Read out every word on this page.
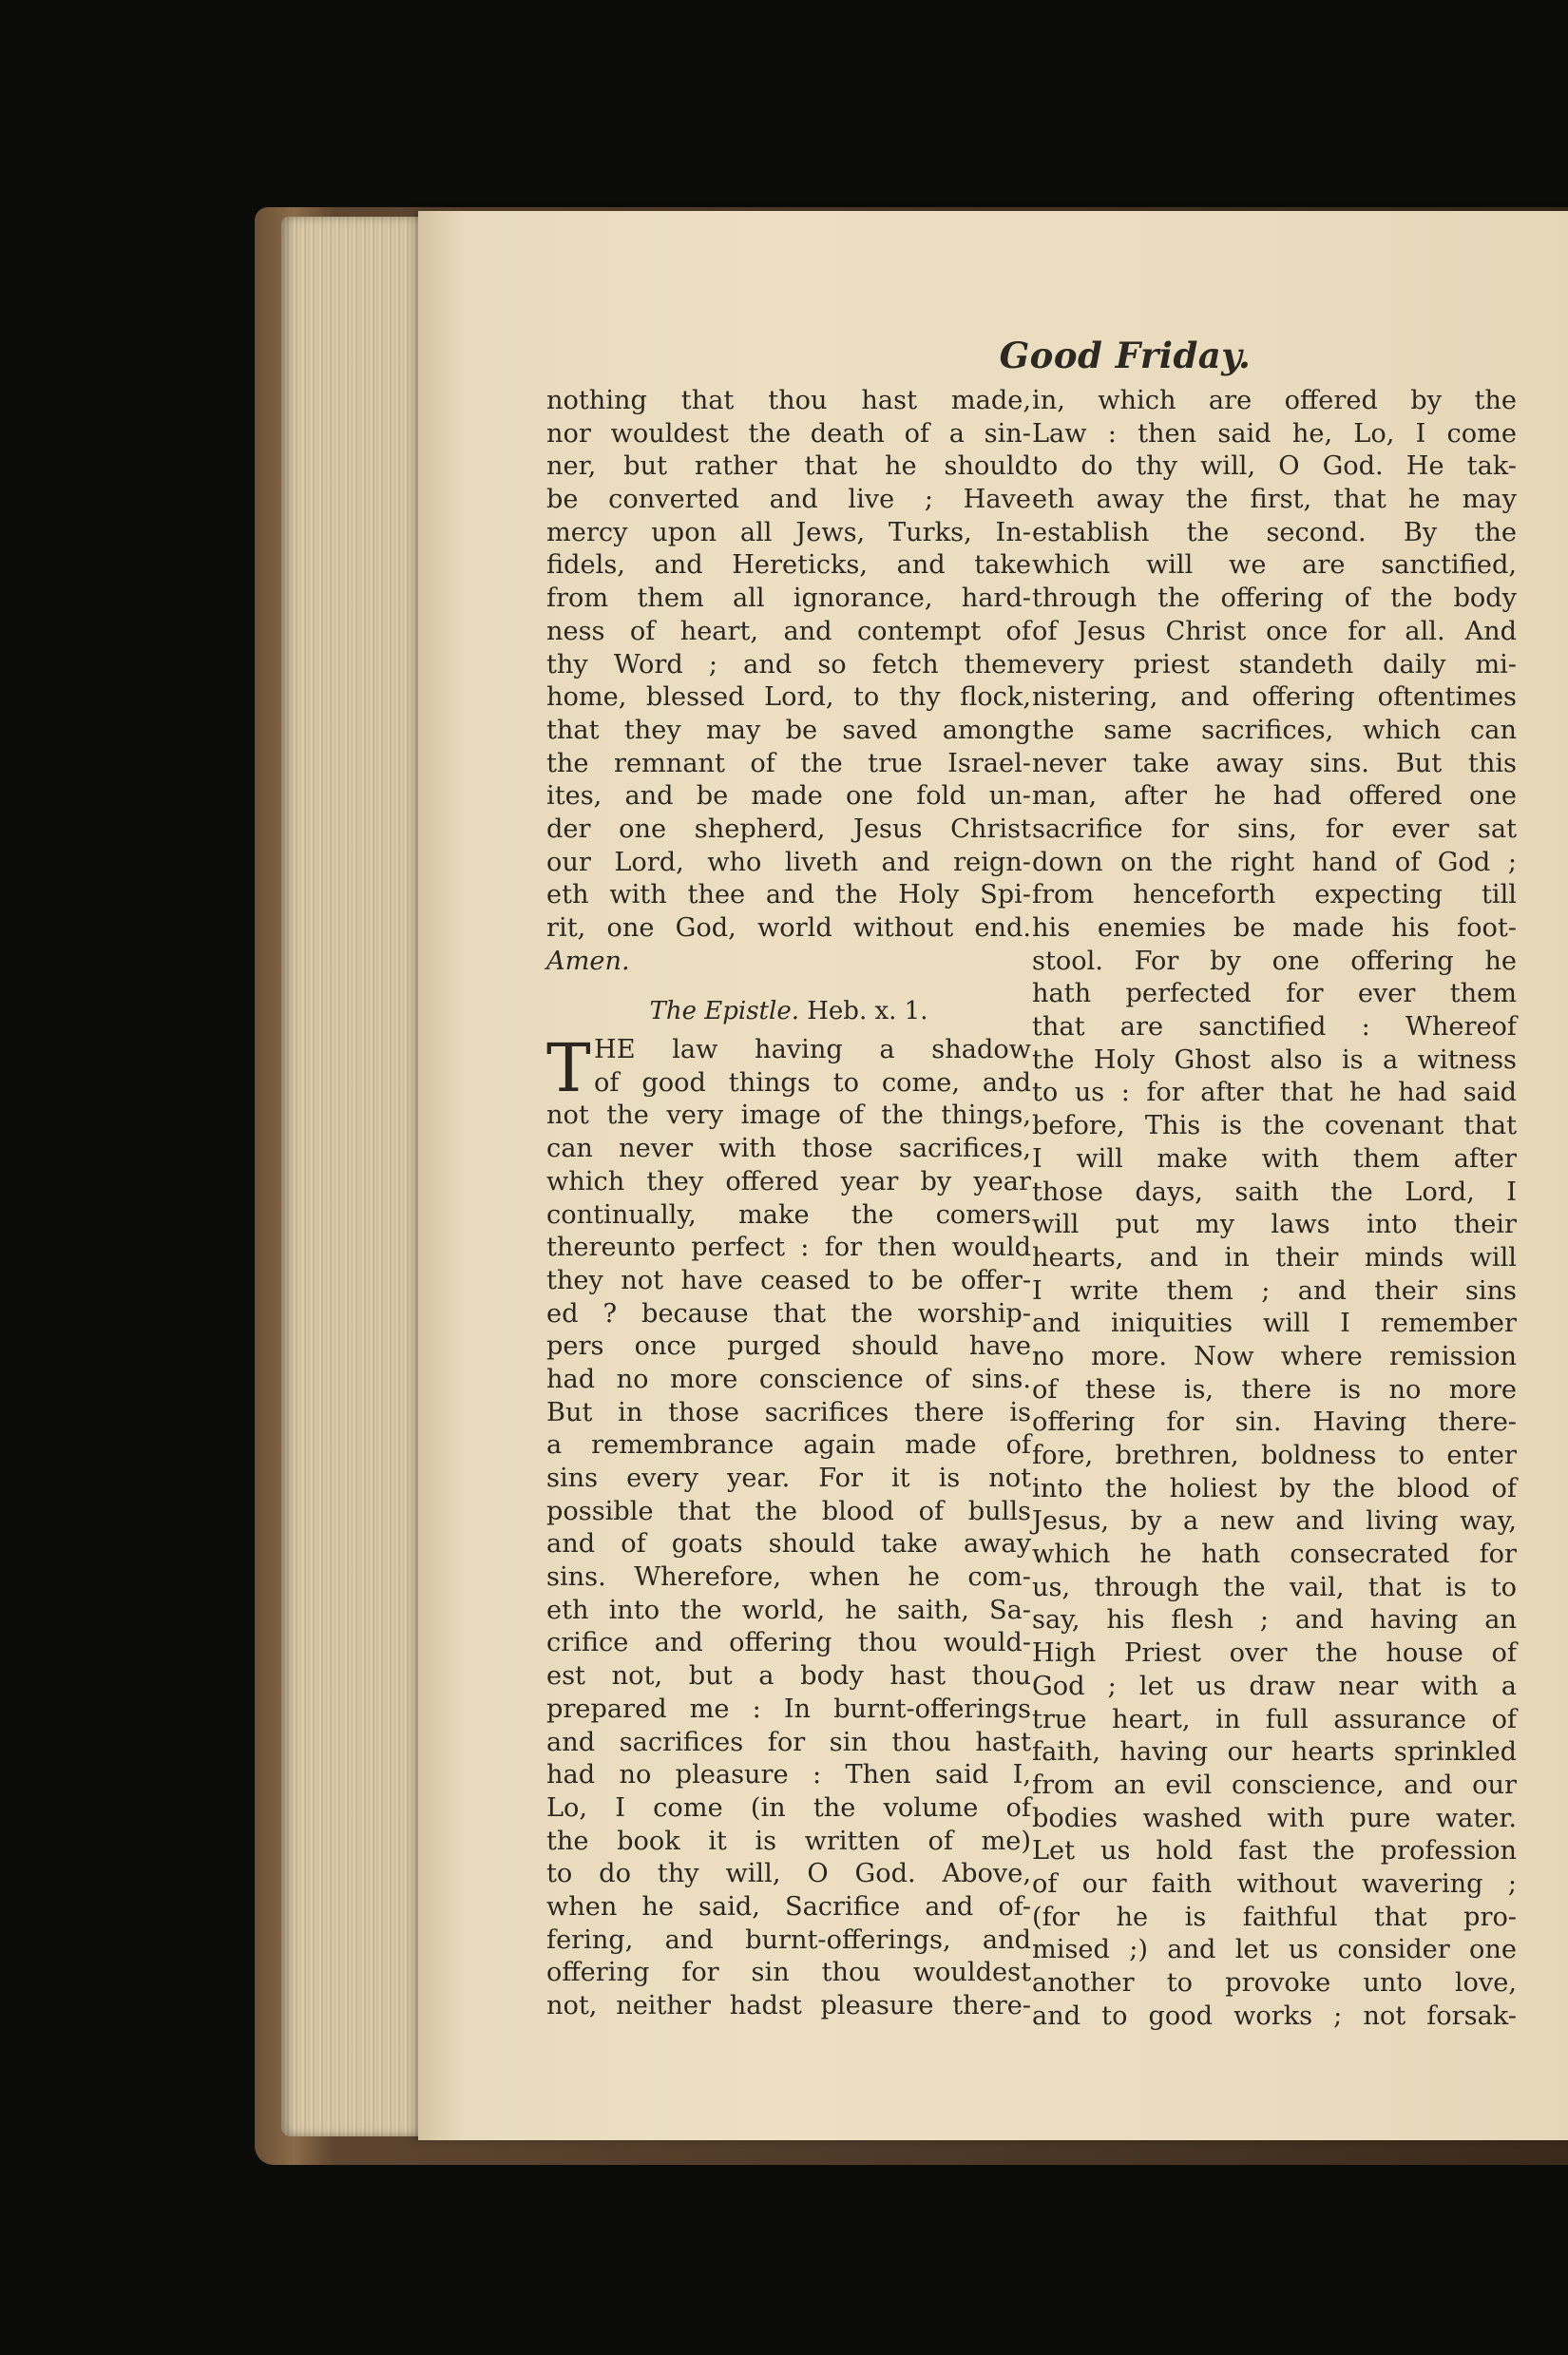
Good Friday.
nothing that thou hast made,
nor wouldest the death of a sin-
ner, but rather that he should
be converted and live ; Have
mercy upon all Jews, Turks, In-
fidels, and Hereticks, and take
from them all ignorance, hard-
ness of heart, and contempt of
thy Word ; and so fetch them
home, blessed Lord, to thy flock,
that they may be saved among
the remnant of the true Israel-
ites, and be made one fold un-
der one shepherd, Jesus Christ
our Lord, who liveth and reign-
eth with thee and the Holy Spi-
rit, one God, world without end.
Amen.
The Epistle. Heb. x. 1.
T HE law having a shadow
of good things to come, and
not the very image of the things,
can never with those sacrifices,
which they offered year by year
continually, make the comers
thereunto perfect : for then would
they not have ceased to be offer-
ed ? because that the worship-
pers once purged should have
had no more conscience of sins.
But in those sacrifices there is
a remembrance again made of
sins every year. For it is not
possible that the blood of bulls
and of goats should take away
sins. Wherefore, when he com-
eth into the world, he saith, Sa-
crifice and offering thou would-
est not, but a body hast thou
prepared me : In burnt-offerings
and sacrifices for sin thou hast
had no pleasure : Then said I,
Lo, I come (in the volume of
the book it is written of me)
to do thy will, O God. Above,
when he said, Sacrifice and of-
fering, and burnt-offerings, and
offering for sin thou wouldest
not, neither hadst pleasure there-
in, which are offered by the
Law : then said he, Lo, I come
to do thy will, O God. He tak-
eth away the first, that he may
establish the second. By the
which will we are sanctified,
through the offering of the body
of Jesus Christ once for all. And
every priest standeth daily mi-
nistering, and offering oftentimes
the same sacrifices, which can
never take away sins. But this
man, after he had offered one
sacrifice for sins, for ever sat
down on the right hand of God ;
from henceforth expecting till
his enemies be made his foot-
stool. For by one offering he
hath perfected for ever them
that are sanctified : Whereof
the Holy Ghost also is a witness
to us : for after that he had said
before, This is the covenant that
I will make with them after
those days, saith the Lord, I
will put my laws into their
hearts, and in their minds will
I write them ; and their sins
and iniquities will I remember
no more. Now where remission
of these is, there is no more
offering for sin. Having there-
fore, brethren, boldness to enter
into the holiest by the blood of
Jesus, by a new and living way,
which he hath consecrated for
us, through the vail, that is to
say, his flesh ; and having an
High Priest over the house of
God ; let us draw near with a
true heart, in full assurance of
faith, having our hearts sprinkled
from an evil conscience, and our
bodies washed with pure water.
Let us hold fast the profession
of our faith without wavering ;
(for he is faithful that pro-
mised ;) and let us consider one
another to provoke unto love,
and to good works ; not forsak-
